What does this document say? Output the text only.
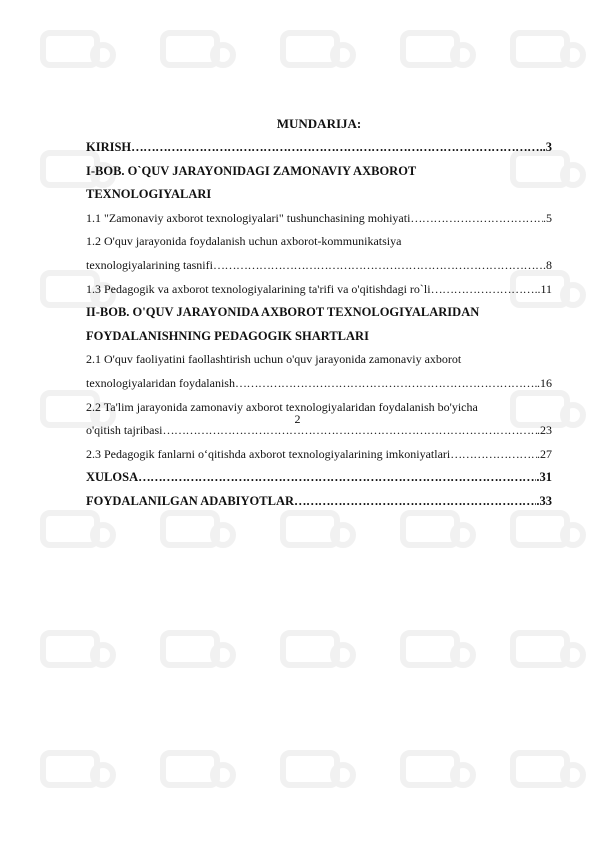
MUNDARIJA:
KIRISH ……………………………………………………………………………………………………………………………………………………………………	.3
I-BOB. O`QUV JARAYONIDAGI ZAMONAVIY AXBOROT
TEXNOLOGIYALARI
1.1 "Zamonaviy axborot texnologiyalari" tushunchasining mohiyati ……………………………………………………………………………………………………………………………………………………………………	.5
1.2 O'quv jarayonida foydalanish uchun axborot-kommunikatsiya
texnologiyalarining tasnifi ……………………………………………………………………………………………………………………………………………………………………	.8
1.3 Pedagogik va axborot texnologiyalarining ta'rifi va o'qitishdagi ro`li ……………………………………………………………………………………………………………………………………………………………………	.11
II-BOB. O'QUV JARAYONIDA AXBOROT TEXNOLOGIYALARIDAN
FOYDALANISHNING PEDAGOGIK SHARTLARI
2.1 O'quv faoliyatini faollashtirish uchun o'quv jarayonida zamonaviy axborot
texnologiyalaridan foydalanish ……………………………………………………………………………………………………………………………………………………………………	.16
2.2 Ta'lim jarayonida zamonaviy axborot texnologiyalaridan foydalanish bo'yicha
o'qitish tajribasi ……………………………………………………………………………………………………………………………………………………………………	.23
2.3 Pedagogik fanlarni o‘qitishda axborot texnologiyalarining imkoniyatlari ……………………………………………………………………………………………………………………………………………………………………	.27
XULOSA ……………………………………………………………………………………………………………………………………………………………………	.31
FOYDALANILGAN ADABIYOTLAR ……………………………………………………………………………………………………………………………………………………………………	.33
2
